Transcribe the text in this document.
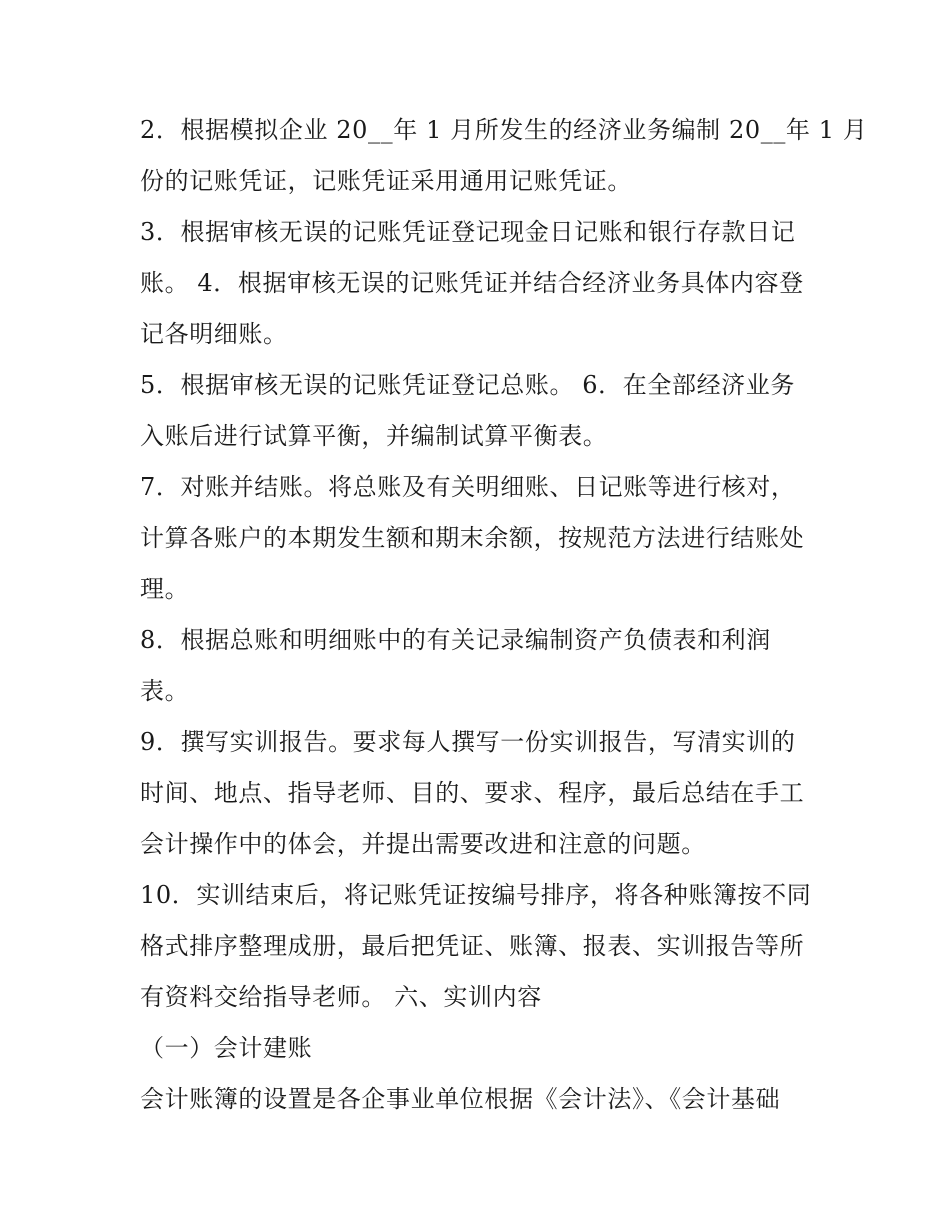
2．根据模拟企业 20__年 1 月所发生的经济业务编制 20__年 1 月
份的记账凭证，记账凭证采用通用记账凭证。
3．根据审核无误的记账凭证登记现金日记账和银行存款日记
账。 4．根据审核无误的记账凭证并结合经济业务具体内容登
记各明细账。
5．根据审核无误的记账凭证登记总账。 6．在全部经济业务
入账后进行试算平衡，并编制试算平衡表。
7．对账并结账。将总账及有关明细账、日记账等进行核对，
计算各账户的本期发生额和期末余额，按规范方法进行结账处
理。
8．根据总账和明细账中的有关记录编制资产负债表和利润
表。
9．撰写实训报告。要求每人撰写一份实训报告，写清实训的
时间、地点、指导老师、目的、要求、程序，最后总结在手工
会计操作中的体会，并提出需要改进和注意的问题。
10．实训结束后，将记账凭证按编号排序，将各种账簿按不同
格式排序整理成册，最后把凭证、账簿、报表、实训报告等所
有资料交给指导老师。 六、实训内容
（一）会计建账
会计账簿的设置是各企事业单位根据《会计法》、《会计基础
